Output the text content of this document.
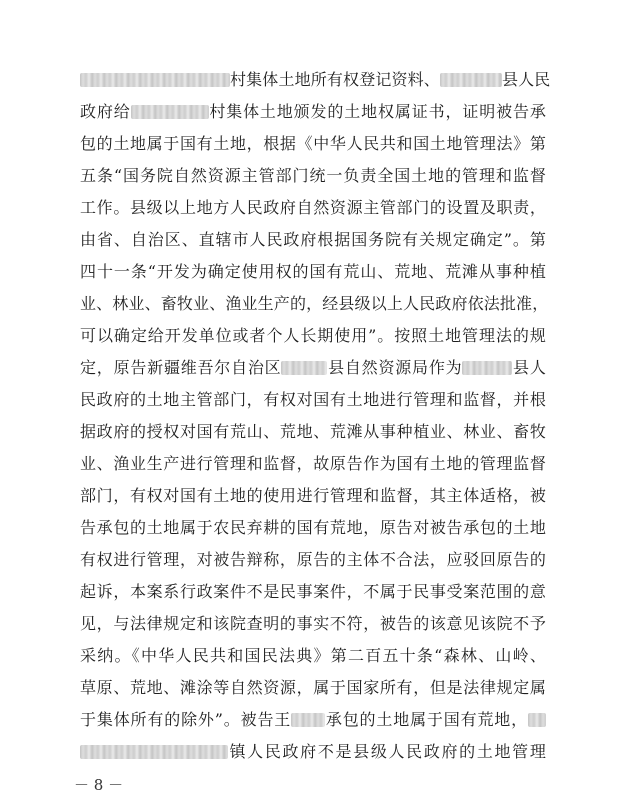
村集体土地所有权登记资料、	县人民
政府给	村集体土地颁发的土地权属证书，证明被告承
包的土地属于国有土地，根据《中华人民共和国土地管理法》第
五条“国务院自然资源主管部门统一负责全国土地的管理和监督
工作。县级以上地方人民政府自然资源主管部门的设置及职责，
由省、自治区、直辖市人民政府根据国务院有关规定确定”。第
四十一条“开发为确定使用权的国有荒山、荒地、荒滩从事种植
业、林业、畜牧业、渔业生产的，经县级以上人民政府依法批准，
可以确定给开发单位或者个人长期使用”。按照土地管理法的规
定，原告新疆维吾尔自治区	县自然资源局作为	县人
民政府的土地主管部门，有权对国有土地进行管理和监督，并根
据政府的授权对国有荒山、荒地、荒滩从事种植业、林业、畜牧
业、渔业生产进行管理和监督，故原告作为国有土地的管理监督
部门，有权对国有土地的使用进行管理和监督，其主体适格，被
告承包的土地属于农民弃耕的国有荒地，原告对被告承包的土地
有权进行管理，对被告辩称，原告的主体不合法，应驳回原告的
起诉，本案系行政案件不是民事案件，不属于民事受案范围的意
见，与法律规定和该院查明的事实不符，被告的该意见该院不予
采纳。《中华人民共和国民法典》第二百五十条“森林、山岭、
草原、荒地、滩涂等自然资源，属于国家所有，但是法律规定属
于集体所有的除外”。被告王 承包的土地属于国有荒地，
镇人民政府不是县级人民政府的土地管理
－ 8 －
